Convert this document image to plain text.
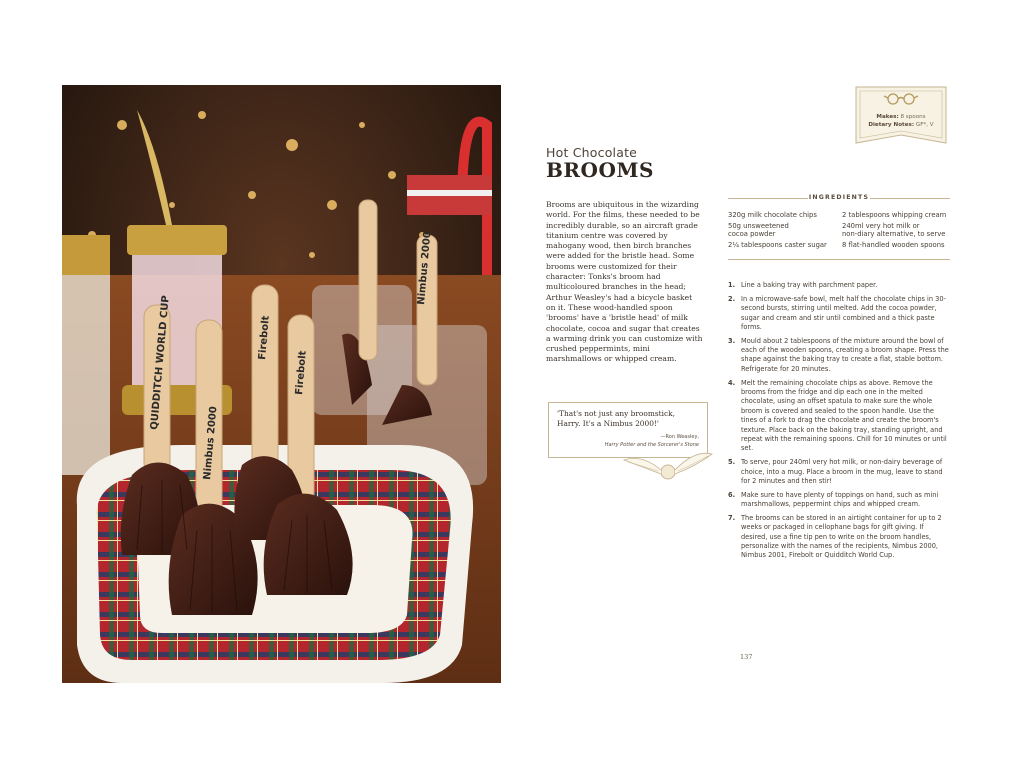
QUIDDITCH WORLD CUP
Nimbus 2000
Firebolt
Firebolt
Nimbus 2000
Makes: 8 spoons
Dietary Notes: GF*, V
Hot Chocolate
BROOMS

Brooms are ubiquitous in the wizarding world. For the films, these needed to be incredibly durable, so an aircraft grade titanium centre was covered by mahogany wood, then birch branches were added for the bristle head. Some brooms were customized for their character: Tonks's broom had multicoloured branches in the head; Arthur Weasley's had a bicycle basket on it. These wood-handled spoon 'brooms' have a 'bristle head' of milk chocolate, cocoa and sugar that creates a warming drink you can customize with crushed peppermints, mini marshmallows or whipped cream.

'That's not just any broomstick, Harry. It's a Nimbus 2000!'
—Ron Weasley,
Harry Potter and the Sorcerer's Stone
INGREDIENTS
320g milk chocolate chips
50g unsweetened
cocoa powder
2¼ tablespoons caster sugar
2 tablespoons whipping cream
240ml very hot milk or
non-diary alternative, to serve
8 flat-handled wooden spoons
1. Line a baking tray with parchment paper.
2. In a microwave-safe bowl, melt half the chocolate chips in 30-second bursts, stirring until melted. Add the cocoa powder, sugar and cream and stir until combined and a thick paste forms.
3. Mould about 2 tablespoons of the mixture around the bowl of each of the wooden spoons, creating a broom shape. Press the shape against the baking tray to create a flat, stable bottom. Refrigerate for 20 minutes.
4. Melt the remaining chocolate chips as above. Remove the brooms from the fridge and dip each one in the melted chocolate, using an offset spatula to make sure the whole broom is covered and sealed to the spoon handle. Use the tines of a fork to drag the chocolate and create the broom's texture. Place back on the baking tray, standing upright, and repeat with the remaining spoons. Chill for 10 minutes or until set.
5. To serve, pour 240ml very hot milk, or non-dairy beverage of choice, into a mug. Place a broom in the mug, leave to stand for 2 minutes and then stir!
6. Make sure to have plenty of toppings on hand, such as mini marshmallows, peppermint chips and whipped cream.
7. The brooms can be stored in an airtight container for up to 2 weeks or packaged in cellophane bags for gift giving. If desired, use a fine tip pen to write on the broom handles, personalize with the names of the recipients, Nimbus 2000, Nimbus 2001, Firebolt or Quidditch World Cup.
137
